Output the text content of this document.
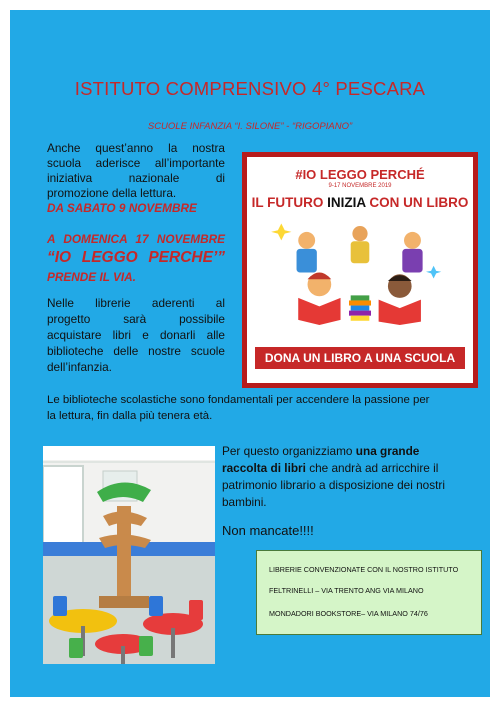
ISTITUTO COMPRENSIVO 4° PESCARA
SCUOLE INFANZIA “I. SILONE” - “RIGOPIANO”
Anche quest’anno la nostra
scuola aderisce all’importante
iniziativa nazionale di
promozione della lettura.
DA SABATO 9 NOVEMBRE
A DOMENICA 17 NOVEMBRE
“IO LEGGO PERCHE’”
PRENDE IL VIA.
Nelle librerie aderenti al
progetto sarà possibile
acquistare libri e donarli alle
biblioteche delle nostre scuole
dell’infanzia.
#IO LEGGO PERCHÉ
9-17 NOVEMBRE 2019
IL FUTURO INIZIA CON UN LIBRO
DONA UN LIBRO A UNA SCUOLA
Le biblioteche scolastiche sono fondamentali per accendere la passione per
la lettura, fin dalla più tenera età.
Per questo organizziamo una grande
raccolta di libri che andrà ad arricchire il
patrimonio librario a disposizione dei nostri
bambini.
Non mancate!!!!
LIBRERIE CONVENZIONATE CON IL NOSTRO ISTITUTO
FELTRINELLI – VIA TRENTO ANG VIA MILANO
MONDADORI BOOKSTORE– VIA MILANO 74/76
